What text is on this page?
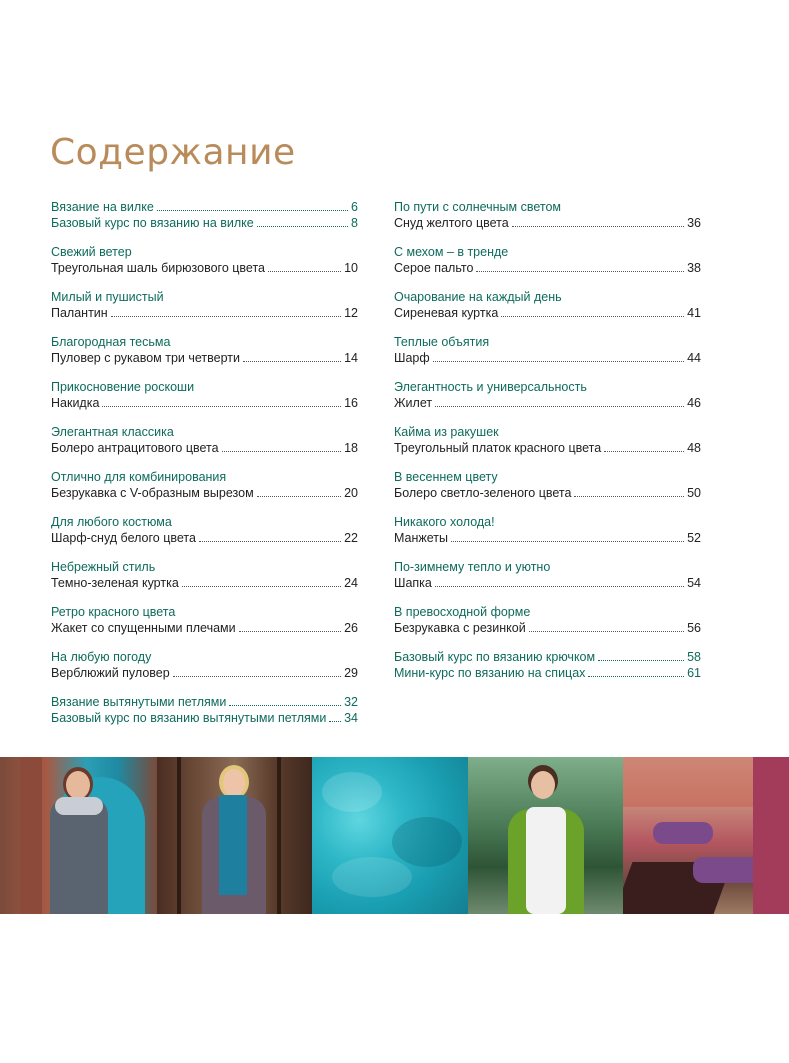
Содержание
Вязание на вилке	6
Базовый курс по вязанию на вилке	8
Свежий ветер
Треугольная шаль бирюзового цвета	10
Милый и пушистый
Палантин	12
Благородная тесьма
Пуловер с рукавом три четверти	14
Прикосновение роскоши
Накидка	16
Элегантная классика
Болеро антрацитового цвета	18
Отлично для комбинирования
Безрукавка с V-образным вырезом	20
Для любого костюма
Шарф-снуд белого цвета	22
Небрежный стиль
Темно-зеленая куртка	24
Ретро красного цвета
Жакет со спущенными плечами	26
На любую погоду
Верблюжий пуловер	29
Вязание вытянутыми петлями	32
Базовый курс по вязанию вытянутыми петлями 34
По пути с солнечным светом
Снуд желтого цвета	36
С мехом – в тренде
Серое пальто	38
Очарование на каждый день
Сиреневая куртка	41
Теплые объятия
Шарф	44
Элегантность и универсальность
Жилет	46
Кайма из ракушек
Треугольный платок красного цвета	48
В весеннем цвету
Болеро светло-зеленого цвета	50
Никакого холода!
Манжеты	52
По-зимнему тепло и уютно
Шапка	54
В превосходной форме
Безрукавка с резинкой	56
Базовый курс по вязанию крючком	58
Мини-курс по вязанию на спицах	61
